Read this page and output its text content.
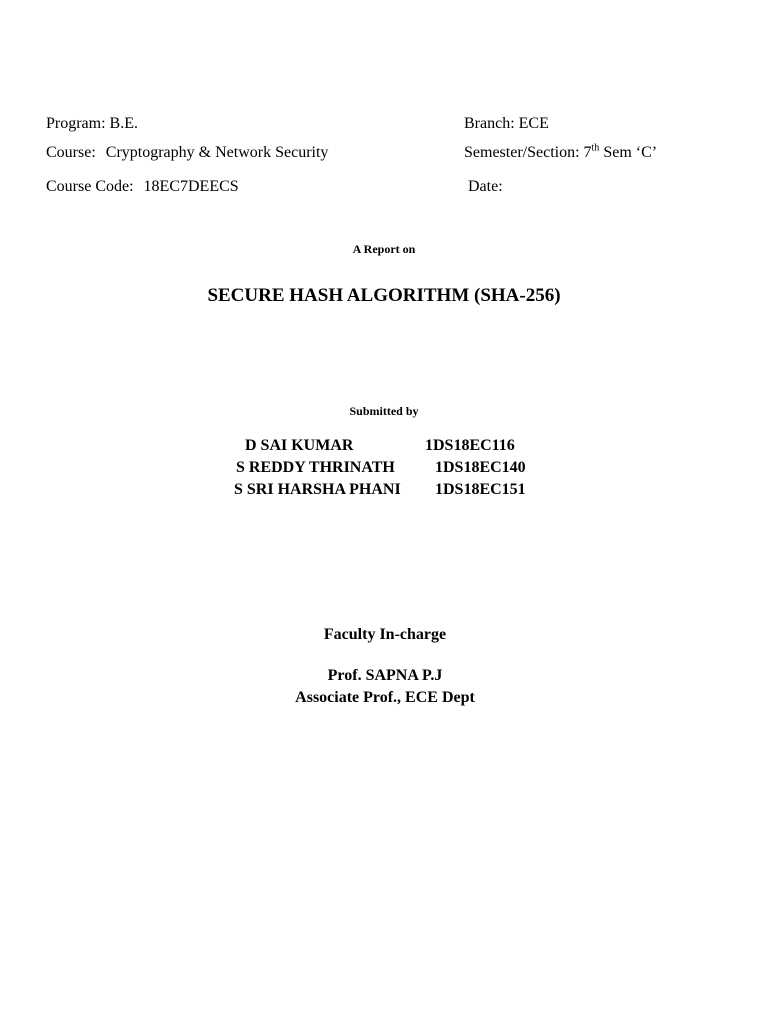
Program: B.E.	Branch: ECE
Course: Cryptography & Network Security	Semester/Section: 7th Sem ‘C’
Course Code: 18EC7DEECS	Date:
A Report on
SECURE HASH ALGORITHM (SHA-256)
Submitted by
D SAI KUMAR	1DS18EC116
S REDDY THRINATH	1DS18EC140
S SRI HARSHA PHANI 1DS18EC151
Faculty In-charge
Prof. SAPNA P.J
Associate Prof., ECE Dept
